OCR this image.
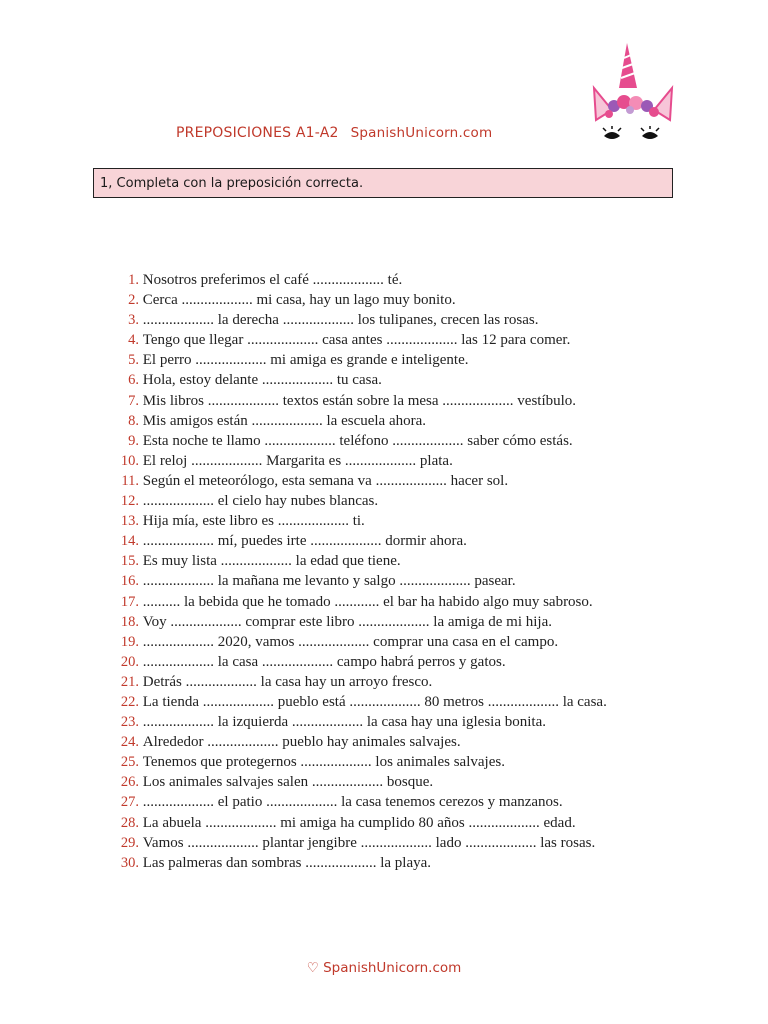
PREPOSICIONES A1-A2 SpanishUnicorn.com
1, Completa con la preposición correcta.
1. Nosotros preferimos el café ................... té.
2. Cerca ................... mi casa, hay un lago muy bonito.
3. ................... la derecha ................... los tulipanes, crecen las rosas.
4. Tengo que llegar ................... casa antes ................... las 12 para comer.
5. El perro ................... mi amiga es grande e inteligente.
6. Hola, estoy delante ................... tu casa.
7. Mis libros ................... textos están sobre la mesa ................... vestíbulo.
8. Mis amigos están ................... la escuela ahora.
9. Esta noche te llamo ................... teléfono ................... saber cómo estás.
10. El reloj ................... Margarita es ................... plata.
11. Según el meteorólogo, esta semana va ................... hacer sol.
12. ................... el cielo hay nubes blancas.
13. Hija mía, este libro es ................... ti.
14. ................... mí, puedes irte ................... dormir ahora.
15. Es muy lista ................... la edad que tiene.
16. ................... la mañana me levanto y salgo ................... pasear.
17. .......... la bebida que he tomado ............ el bar ha habido algo muy sabroso.
18. Voy ................... comprar este libro ................... la amiga de mi hija.
19. ................... 2020, vamos ................... comprar una casa en el campo.
20. ................... la casa ................... campo habrá perros y gatos.
21. Detrás ................... la casa hay un arroyo fresco.
22. La tienda ................... pueblo está ................... 80 metros ................... la casa.
23. ................... la izquierda ................... la casa hay una iglesia bonita.
24. Alrededor ................... pueblo hay animales salvajes.
25. Tenemos que protegernos ................... los animales salvajes.
26. Los animales salvajes salen ................... bosque.
27. ................... el patio ................... la casa tenemos cerezos y manzanos.
28. La abuela ................... mi amiga ha cumplido 80 años ................... edad.
29. Vamos ................... plantar jengibre ................... lado ................... las rosas.
30. Las palmeras dan sombras ................... la playa.
♡ SpanishUnicorn.com
